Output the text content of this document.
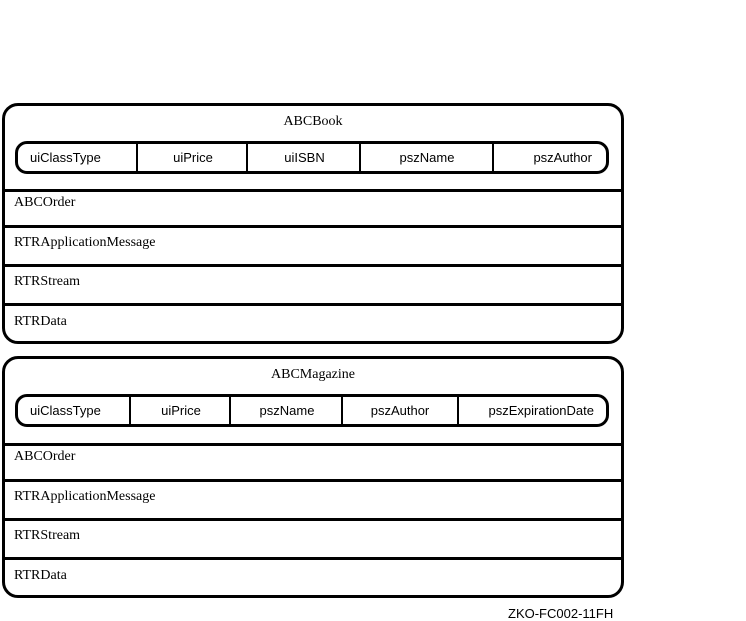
ABCBook
uiClassType	uiPrice	uiISBN	pszName	pszAuthor
ABCOrder
RTRApplicationMessage
RTRStream
RTRData
ABCMagazine
uiClassType	uiPrice	pszName	pszAuthor	pszExpirationDate
ABCOrder
RTRApplicationMessage
RTRStream
RTRData
ZKO-FC002-11FH
